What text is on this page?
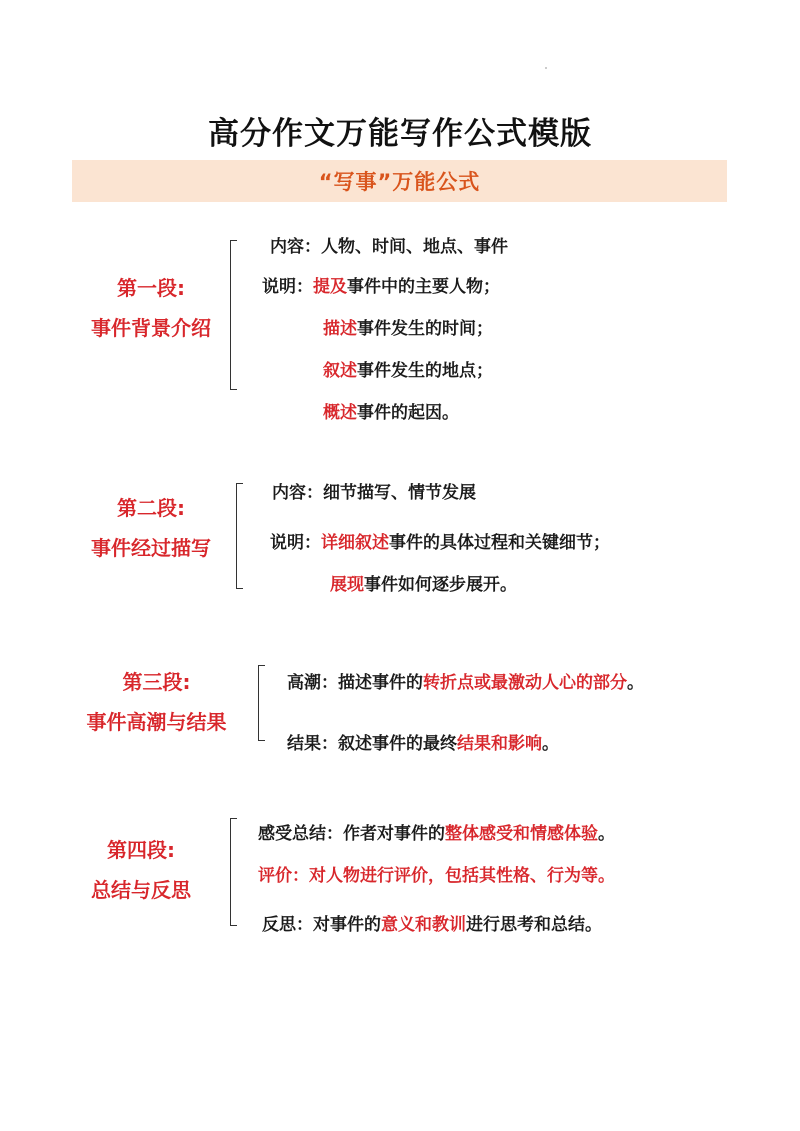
高分作文万能写作公式模版
“写事”万能公式
第一段:
事件背景介绍
内容：人物、时间、地点、事件
说明：提及事件中的主要人物；
描述事件发生的时间；
叙述事件发生的地点；
概述事件的起因。
第二段:
事件经过描写
内容：细节描写、情节发展
说明：详细叙述事件的具体过程和关键细节；
展现事件如何逐步展开。
第三段:
事件高潮与结果
高潮：描述事件的转折点或最激动人心的部分。
结果：叙述事件的最终结果和影响。
第四段:
总结与反思
感受总结：作者对事件的整体感受和情感体验。
评价：对人物进行评价，包括其性格、行为等。
反思：对事件的意义和教训进行思考和总结。
